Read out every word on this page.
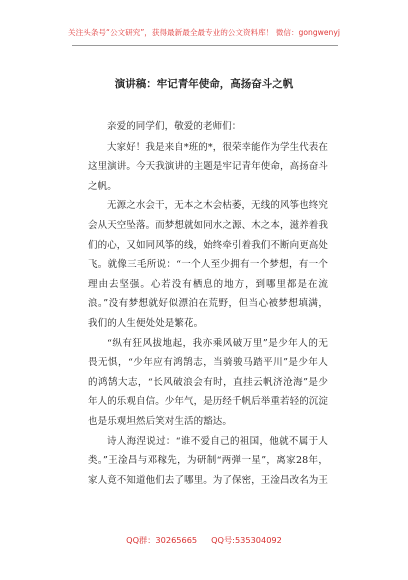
关注头条号“公文研究”，获得最新最全最专业的公文资料库！ 微信：gongwenyj
演讲稿：牢记青年使命，高扬奋斗之帆

亲爱的同学们，敬爱的老师们：

大家好！我是来自*班的*，很荣幸能作为学生代表在这里演讲。今天我演讲的主题是牢记青年使命，高扬奋斗之帆。

无源之水会干，无本之木会枯萎，无线的风筝也终究会从天空坠落。而梦想就如同水之源、木之本，滋养着我们的心，又如同风筝的线，始终牵引着我们不断向更高处飞。就像三毛所说：“一个人至少拥有一个梦想，有一个理由去坚强。心若没有栖息的地方，到哪里都是在流浪。”没有梦想就好似漂泊在荒野，但当心被梦想填满，我们的人生便处处是繁花。

“纵有狂风拔地起，我亦乘风破万里”是少年人的无畏无惧，“少年应有鸿鹄志，当骑骏马踏平川”是少年人的鸿鹄大志，“长风破浪会有时，直挂云帆济沧海”是少年人的乐观自信。少年气，是历经千帆后举重若轻的沉淀也是乐观坦然后笑对生活的豁达。

诗人海涅说过：“谁不爱自己的祖国，他就不属于人类。”王淦昌与邓稼先，为研制“两弹一星”，离家28年，家人竟不知道他们去了哪里。为了保密，王淦昌改名为王

QQ群：30265665 QQ号:535304092
